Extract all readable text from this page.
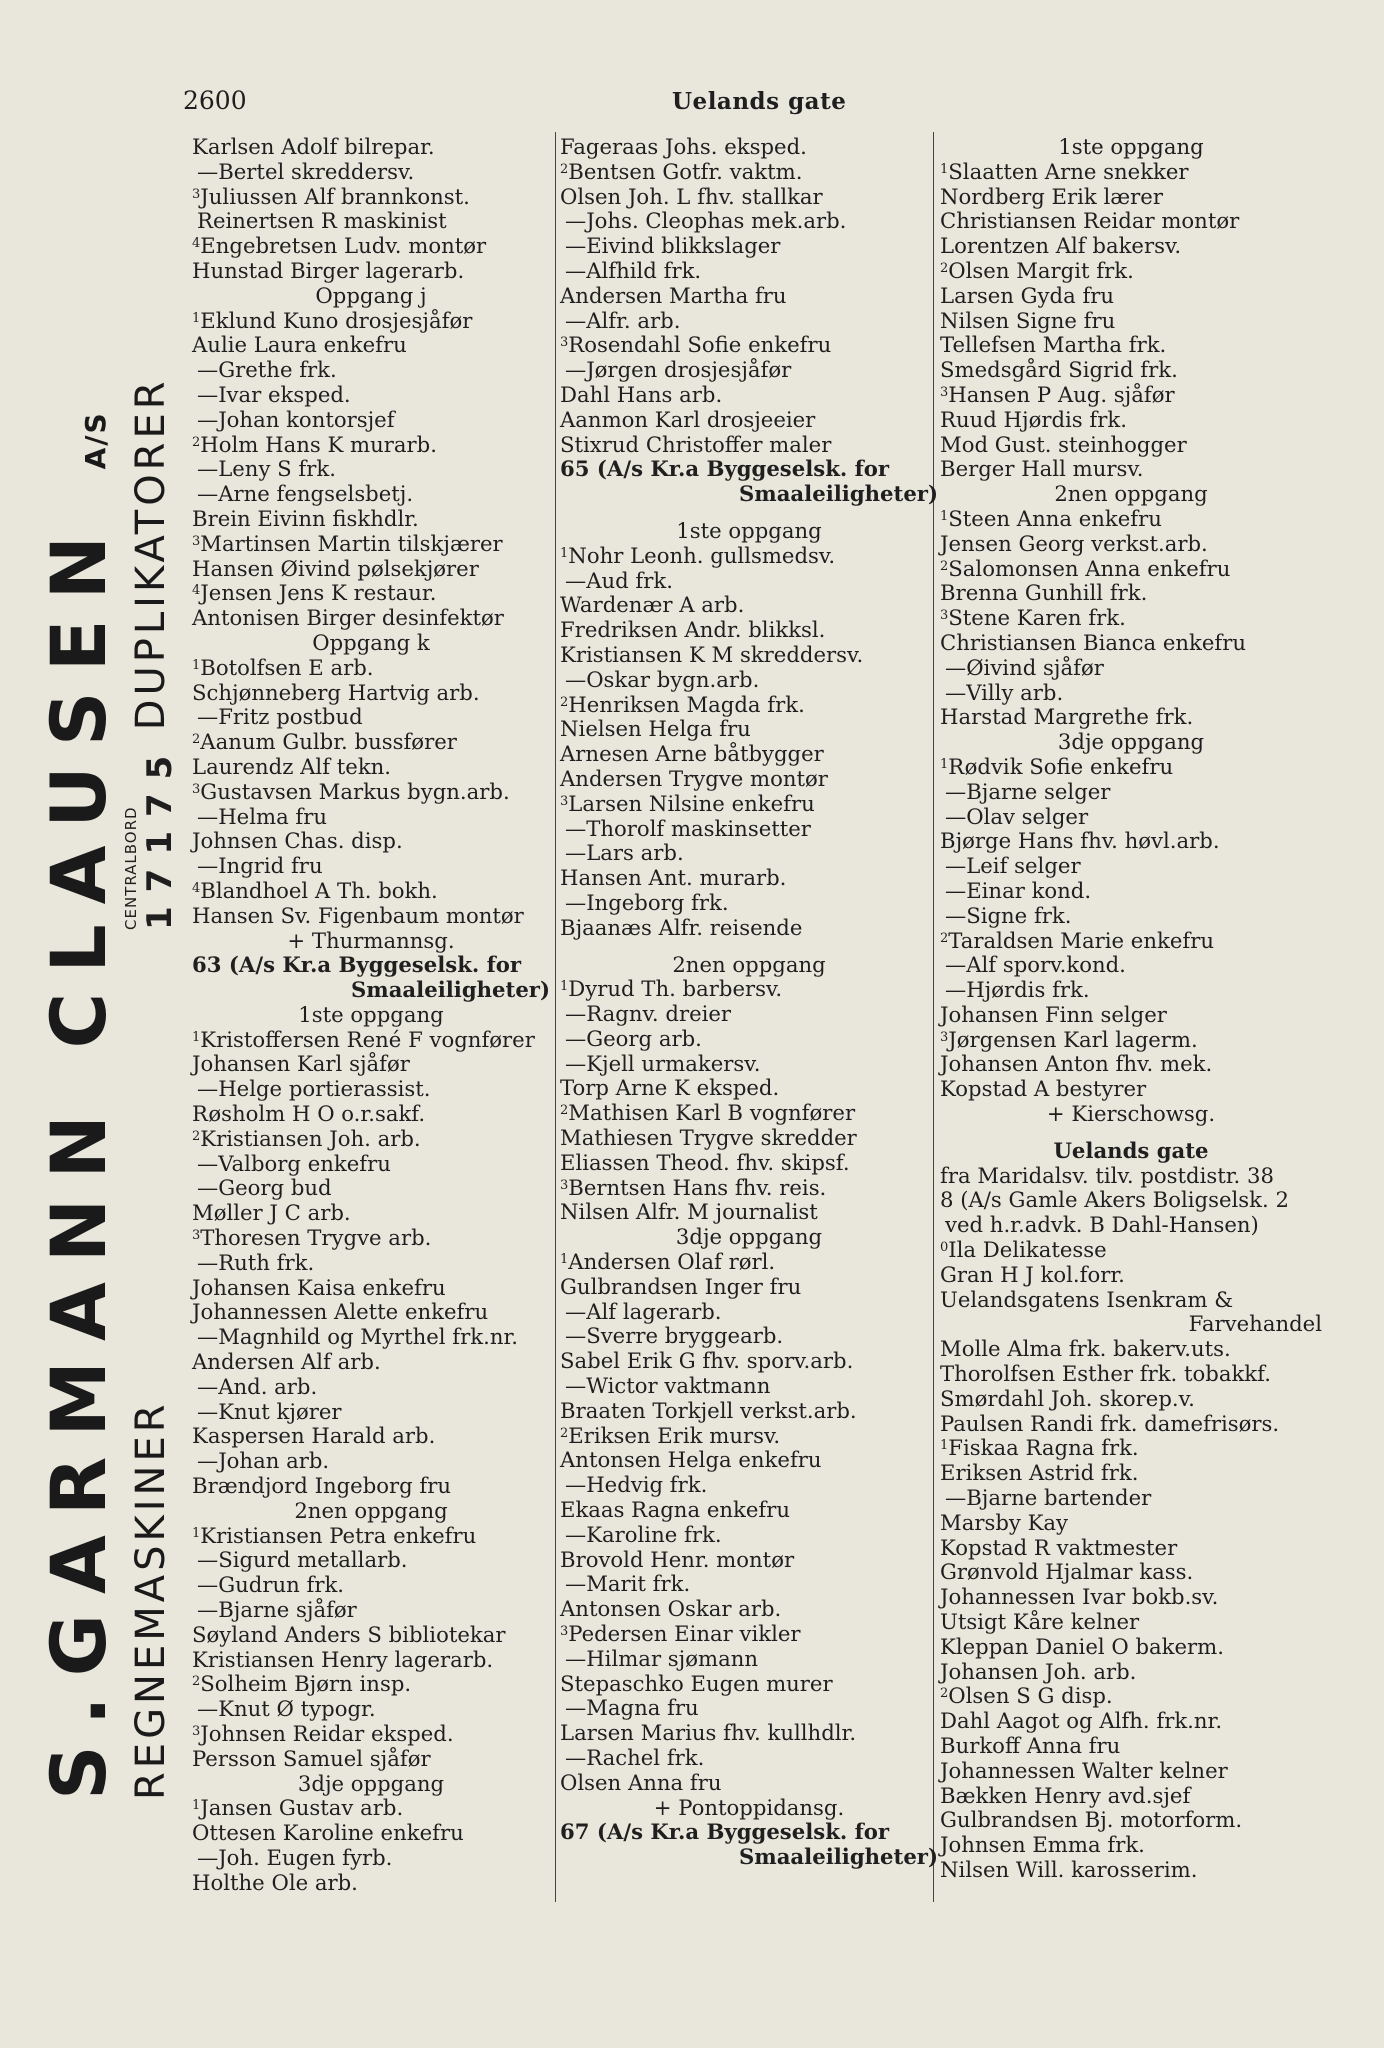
2600	Uelands gate
S.GARMANN CLAUSEN A/S
REGNEMASKINER   DUPLIKATORER
CENTRALBORD 17175
Karlsen Adolf bilrepar.
—Bertel skreddersv.
$^3$Juliussen Alf brannkonst.
Reinertsen R maskinist
$^4$Engebretsen Ludv. montør
Hunstad Birger lagerarb.
Oppgang j
$^1$Eklund Kuno drosjesjåfør
Aulie Laura enkefru
—Grethe frk.
—Ivar eksped.
—Johan kontorsjef
$^2$Holm Hans K murarb.
—Leny S frk.
—Arne fengselsbetj.
Brein Eivinn fiskhdlr.
$^3$Martinsen Martin tilskjærer
Hansen Øivind pølsekjører
$^4$Jensen Jens K restaur.
Antonisen Birger desinfektør
Oppgang k
$^1$Botolfsen E arb.
Schjønneberg Hartvig arb.
—Fritz postbud
$^2$Aanum Gulbr. bussfører
Laurendz Alf tekn.
$^3$Gustavsen Markus bygn.arb.
—Helma fru
Johnsen Chas. disp.
—Ingrid fru
$^4$Blandhoel A Th. bokh.
Hansen Sv. Figenbaum montør
+ Thurmannsg.
63 (A/s Kr.a Byggeselsk. for
Smaaleiligheter)
1ste oppgang
$^1$Kristoffersen René F vognfører
Johansen Karl sjåfør
—Helge portierassist.
Røsholm H O o.r.sakf.
$^2$Kristiansen Joh. arb.
—Valborg enkefru
—Georg bud
Møller J C arb.
$^3$Thoresen Trygve arb.
—Ruth frk.
Johansen Kaisa enkefru
Johannessen Alette enkefru
—Magnhild og Myrthel frk.nr.
Andersen Alf arb.
—And. arb.
—Knut kjører
Kaspersen Harald arb.
—Johan arb.
Brændjord Ingeborg fru
2nen oppgang
$^1$Kristiansen Petra enkefru
—Sigurd metallarb.
—Gudrun frk.
—Bjarne sjåfør
Søyland Anders S bibliotekar
Kristiansen Henry lagerarb.
$^2$Solheim Bjørn insp.
—Knut Ø typogr.
$^3$Johnsen Reidar eksped.
Persson Samuel sjåfør
3dje oppgang
$^1$Jansen Gustav arb.
Ottesen Karoline enkefru
—Joh. Eugen fyrb.
Holthe Ole arb.
Fageraas Johs. eksped.
$^2$Bentsen Gotfr. vaktm.
Olsen Joh. L fhv. stallkar
—Johs. Cleophas mek.arb.
—Eivind blikkslager
—Alfhild frk.
Andersen Martha fru
—Alfr. arb.
$^3$Rosendahl Sofie enkefru
—Jørgen drosjesjåfør
Dahl Hans arb.
Aanmon Karl drosjeeier
Stixrud Christoffer maler
65 (A/s Kr.a Byggeselsk. for
Smaaleiligheter)
1ste oppgang
$^1$Nohr Leonh. gullsmedsv.
—Aud frk.
Wardenær A arb.
Fredriksen Andr. blikksl.
Kristiansen K M skreddersv.
—Oskar bygn.arb.
$^2$Henriksen Magda frk.
Nielsen Helga fru
Arnesen Arne båtbygger
Andersen Trygve montør
$^3$Larsen Nilsine enkefru
—Thorolf maskinsetter
—Lars arb.
Hansen Ant. murarb.
—Ingeborg frk.
Bjaanæs Alfr. reisende
2nen oppgang
$^1$Dyrud Th. barbersv.
—Ragnv. dreier
—Georg arb.
—Kjell urmakersv.
Torp Arne K eksped.
$^2$Mathisen Karl B vognfører
Mathiesen Trygve skredder
Eliassen Theod. fhv. skipsf.
$^3$Berntsen Hans fhv. reis.
Nilsen Alfr. M journalist
3dje oppgang
$^1$Andersen Olaf rørl.
Gulbrandsen Inger fru
—Alf lagerarb.
—Sverre bryggearb.
Sabel Erik G fhv. sporv.arb.
—Wictor vaktmann
Braaten Torkjell verkst.arb.
$^2$Eriksen Erik mursv.
Antonsen Helga enkefru
—Hedvig frk.
Ekaas Ragna enkefru
—Karoline frk.
Brovold Henr. montør
—Marit frk.
Antonsen Oskar arb.
$^3$Pedersen Einar vikler
—Hilmar sjømann
Stepaschko Eugen murer
—Magna fru
Larsen Marius fhv. kullhdlr.
—Rachel frk.
Olsen Anna fru
+ Pontoppidansg.
67 (A/s Kr.a Byggeselsk. for
Smaaleiligheter)
1ste oppgang
$^1$Slaatten Arne snekker
Nordberg Erik lærer
Christiansen Reidar montør
Lorentzen Alf bakersv.
$^2$Olsen Margit frk.
Larsen Gyda fru
Nilsen Signe fru
Tellefsen Martha frk.
Smedsgård Sigrid frk.
$^3$Hansen P Aug. sjåfør
Ruud Hjørdis frk.
Mod Gust. steinhogger
Berger Hall mursv.
2nen oppgang
$^1$Steen Anna enkefru
Jensen Georg verkst.arb.
$^2$Salomonsen Anna enkefru
Brenna Gunhill frk.
$^3$Stene Karen frk.
Christiansen Bianca enkefru
—Øivind sjåfør
—Villy arb.
Harstad Margrethe frk.
3dje oppgang
$^1$Rødvik Sofie enkefru
—Bjarne selger
—Olav selger
Bjørge Hans fhv. høvl.arb.
—Leif selger
—Einar kond.
—Signe frk.
$^2$Taraldsen Marie enkefru
—Alf sporv.kond.
—Hjørdis frk.
Johansen Finn selger
$^3$Jørgensen Karl lagerm.
Johansen Anton fhv. mek.
Kopstad A bestyrer
+ Kierschowsg.
Uelands gate
fra Maridalsv. tilv. postdistr. 38
8 (A/s Gamle Akers Boligselsk. 2
ved h.r.advk. B Dahl-Hansen)
$^0$Ila Delikatesse
Gran H J kol.forr.
Uelandsgatens Isenkram &
Farvehandel
Molle Alma frk. bakerv.uts.
Thorolfsen Esther frk. tobakkf.
Smørdahl Joh. skorep.v.
Paulsen Randi frk. damefrisørs.
$^1$Fiskaa Ragna frk.
Eriksen Astrid frk.
—Bjarne bartender
Marsby Kay
Kopstad R vaktmester
Grønvold Hjalmar kass.
Johannessen Ivar bokb.sv.
Utsigt Kåre kelner
Kleppan Daniel O bakerm.
Johansen Joh. arb.
$^2$Olsen S G disp.
Dahl Aagot og Alfh. frk.nr.
Burkoff Anna fru
Johannessen Walter kelner
Bækken Henry avd.sjef
Gulbrandsen Bj. motorform.
Johnsen Emma frk.
Nilsen Will. karosserim.
